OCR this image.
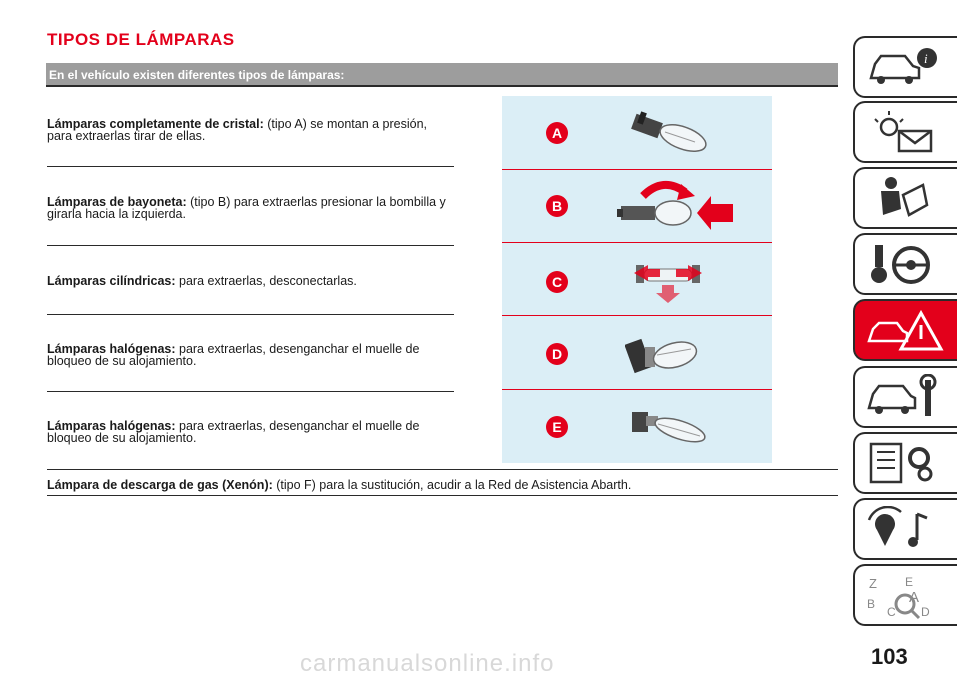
TIPOS DE LÁMPARAS
En el vehículo existen diferentes tipos de lámparas:
Lámparas completamente de cristal: (tipo A) se montan a presión, para extraerlas tirar de ellas.
Lámparas de bayoneta: (tipo B) para extraerlas presionar la bombilla y girarla hacia la izquierda.
Lámparas cilíndricas: para extraerlas, desconectarlas.
Lámparas halógenas: para extraerlas, desenganchar el muelle de bloqueo de su alojamiento.
Lámparas halógenas: para extraerlas, desenganchar el muelle de bloqueo de su alojamiento.
Lámpara de descarga de gas (Xenón): (tipo F) para la sustitución, acudir a la Red de Asistencia Abarth.
A
B
C
D
E
i
Z E
B A
C D
103
carmanualsonline.info
